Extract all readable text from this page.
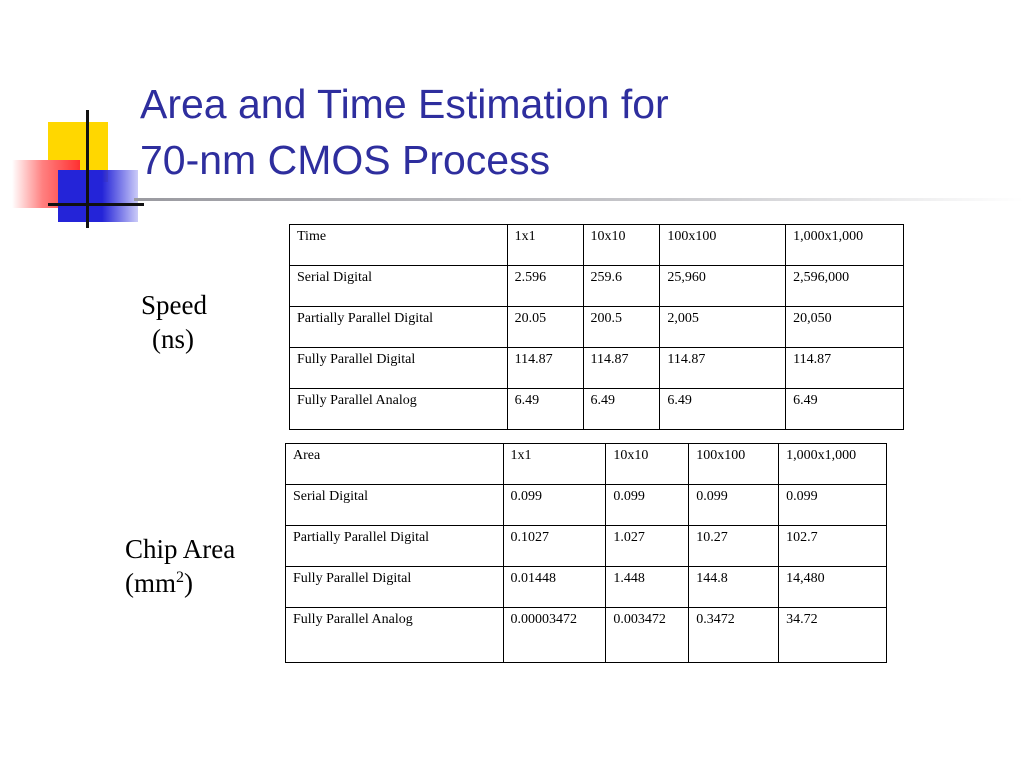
Area and Time Estimation for
70-nm CMOS Process
Speed
(ns)
Time	1x1	10x10	100x100	1,000x1,000
Serial Digital	2.596	259.6	25,960	2,596,000
Partially Parallel Digital	20.05	200.5	2,005	20,050
Fully Parallel Digital	114.87	114.87	114.87	114.87
Fully Parallel Analog	6.49	6.49	6.49	6.49
Chip Area
$(mm^2)$
Area	1x1	10x10	100x100	1,000x1,000
Serial Digital	0.099	0.099	0.099	0.099
Partially Parallel Digital	0.1027	1.027	10.27	102.7
Fully Parallel Digital	0.01448	1.448	144.8	14,480
Fully Parallel Analog	0.00003472	0.003472	0.3472	34.72
